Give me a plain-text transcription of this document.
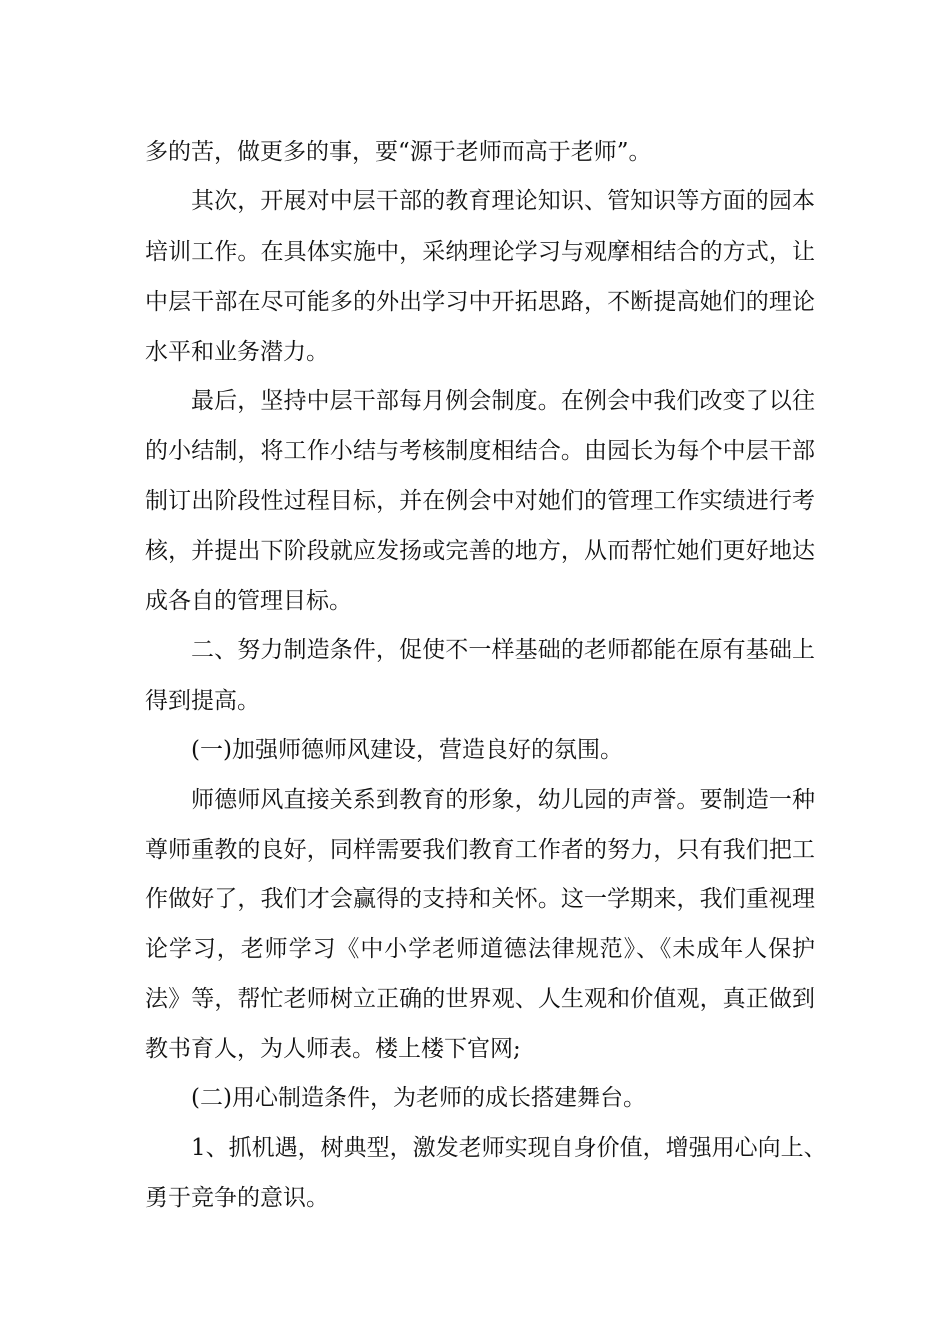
多的苦，做更多的事，要“源于老师而高于老师”。
其次，开展对中层干部的教育理论知识、管知识等方面的园本
培训工作。在具体实施中，采纳理论学习与观摩相结合的方式，让
中层干部在尽可能多的外出学习中开拓思路，不断提高她们的理论
水平和业务潜力。
最后，坚持中层干部每月例会制度。在例会中我们改变了以往
的小结制，将工作小结与考核制度相结合。由园长为每个中层干部
制订出阶段性过程目标，并在例会中对她们的管理工作实绩进行考
核，并提出下阶段就应发扬或完善的地方，从而帮忙她们更好地达
成各自的管理目标。
二、努力制造条件，促使不一样基础的老师都能在原有基础上
得到提高。
(一)加强师德师风建设，营造良好的氛围。
师德师风直接关系到教育的形象，幼儿园的声誉。要制造一种
尊师重教的良好，同样需要我们教育工作者的努力，只有我们把工
作做好了，我们才会赢得的支持和关怀。这一学期来，我们重视理
论学习，老师学习《中小学老师道德法律规范》、《未成年人保护
法》等，帮忙老师树立正确的世界观、人生观和价值观，真正做到
教书育人，为人师表。楼上楼下官网;
(二)用心制造条件，为老师的成长搭建舞台。
1、抓机遇，树典型，激发老师实现自身价值，增强用心向上、
勇于竞争的意识。
